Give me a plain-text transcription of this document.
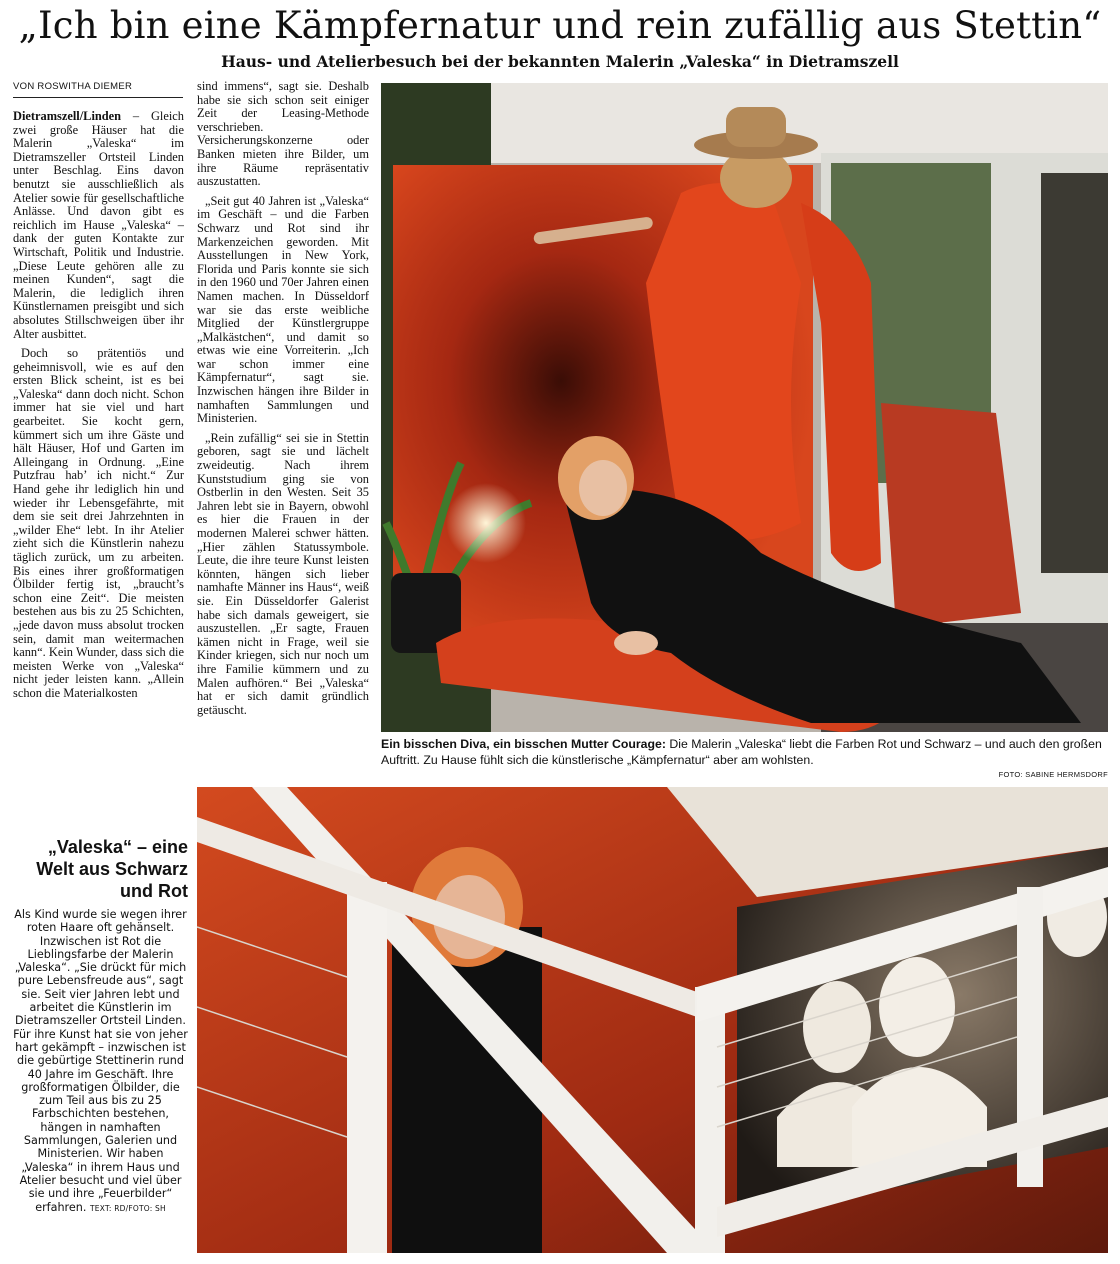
„Ich bin eine Kämpfernatur und rein zufällig aus Stettin“
Haus- und Atelierbesuch bei der bekannten Malerin „Valeska“ in Dietramszell
VON ROSWITHA DIEMER

Dietramszell/Linden – Gleich zwei große Häuser hat die Malerin „Valeska“ im Dietramszeller Ortsteil Linden unter Beschlag. Eins davon benutzt sie ausschließlich als Atelier sowie für gesellschaftliche Anlässe. Und davon gibt es reichlich im Hause „Valeska“ – dank der guten Kontakte zur Wirtschaft, Politik und Industrie. „Diese Leute gehören alle zu meinen Kunden“, sagt die Malerin, die lediglich ihren Künstlernamen preisgibt und sich absolutes Stillschweigen über ihr Alter ausbittet.

Doch so prätentiös und geheimnisvoll, wie es auf den ersten Blick scheint, ist es bei „Valeska“ dann doch nicht. Schon immer hat sie viel und hart gearbeitet. Sie kocht gern, kümmert sich um ihre Gäste und hält Häuser, Hof und Garten im Alleingang in Ordnung. „Eine Putzfrau hab’ ich nicht.“ Zur Hand gehe ihr lediglich hin und wieder ihr Lebensgefährte, mit dem sie seit drei Jahrzehnten in „wilder Ehe“ lebt. In ihr Atelier zieht sich die Künstlerin nahezu täglich zurück, um zu arbeiten. Bis eines ihrer großformatigen Ölbilder fertig ist, „braucht’s schon eine Zeit“. Die meisten bestehen aus bis zu 25 Schichten, „jede davon muss absolut trocken sein, damit man weitermachen kann“. Kein Wunder, dass sich die meisten Werke von „Valeska“ nicht jeder leisten kann. „Allein schon die Materialkosten

sind immens“, sagt sie. Deshalb habe sie sich schon seit einiger Zeit der Leasing-Methode verschrieben. Versicherungskonzerne oder Banken mieten ihre Bilder, um ihre Räume repräsentativ auszustatten.

„Seit gut 40 Jahren ist „Valeska“ im Geschäft – und die Farben Schwarz und Rot sind ihr Markenzeichen geworden. Mit Ausstellungen in New York, Florida und Paris konnte sie sich in den 1960 und 70er Jahren einen Namen machen. In Düsseldorf war sie das erste weibliche Mitglied der Künstlergruppe „Malkästchen“, und damit so etwas wie eine Vorreiterin. „Ich war schon immer eine Kämpfernatur“, sagt sie. Inzwischen hängen ihre Bilder in namhaften Sammlungen und Ministerien.

„Rein zufällig“ sei sie in Stettin geboren, sagt sie und lächelt zweideutig. Nach ihrem Kunststudium ging sie von Ostberlin in den Westen. Seit 35 Jahren lebt sie in Bayern, obwohl es hier die Frauen in der modernen Malerei schwer hätten. „Hier zählen Statussymbole. Leute, die ihre teure Kunst leisten könnten, hängen sich lieber namhafte Männer ins Haus“, weiß sie. Ein Düsseldorfer Galerist habe sich damals geweigert, sie auszustellen. „Er sagte, Frauen kämen nicht in Frage, weil sie Kinder kriegen, sich nur noch um ihre Familie kümmern und zu Malen aufhören.“ Bei „Valeska“ hat er sich damit gründlich getäuscht.

Ein bisschen Diva, ein bisschen Mutter Courage: Die Malerin „Valeska“ liebt die Farben Rot und Schwarz – und auch den großen Auftritt. Zu Hause fühlt sich die künstlerische „Kämpfernatur“ aber am wohlsten.
FOTO: SABINE HERMSDORF
„Valeska“ – eine Welt aus Schwarz und Rot

Als Kind wurde sie wegen ihrer roten Haare oft gehänselt. Inzwischen ist Rot die Lieblingsfarbe der Malerin „Valeska“. „Sie drückt für mich pure Lebensfreude aus“, sagt sie. Seit vier Jahren lebt und arbeitet die Künstlerin im Dietramszeller Ortsteil Linden. Für ihre Kunst hat sie von jeher hart gekämpft – inzwischen ist die gebürtige Stettinerin rund 40 Jahre im Geschäft. Ihre großformatigen Ölbilder, die zum Teil aus bis zu 25 Farbschichten bestehen, hängen in namhaften Sammlungen, Galerien und Ministerien. Wir haben „Valeska“ in ihrem Haus und Atelier besucht und viel über sie und ihre „Feuerbilder“ erfahren. TEXT: RD/FOTO: SH
